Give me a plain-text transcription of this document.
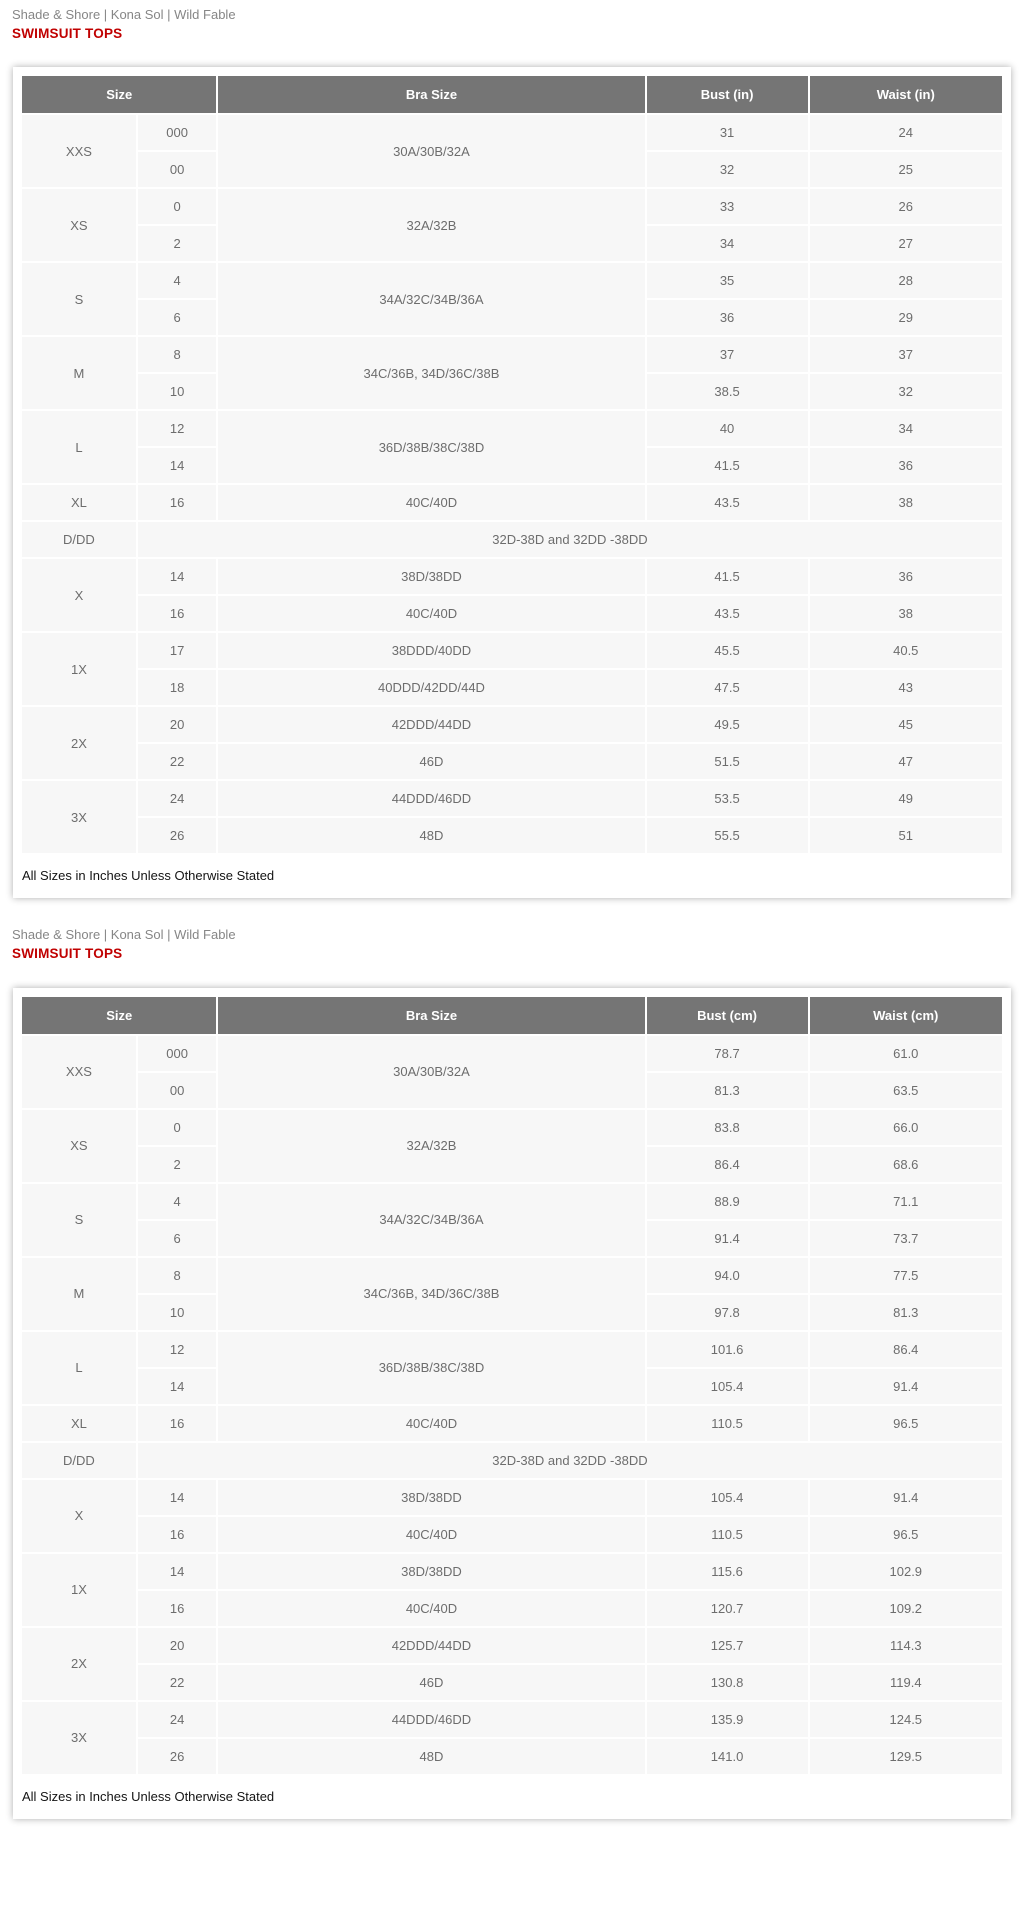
Shade & Shore | Kona Sol | Wild Fable

SWIMSUIT TOPS

Size		Bra Size	Bust (in)	Waist (in)
XXS	000	30A/30B/32A	31	24
	00		32	25
XS	0	32A/32B	33	26
	2		34	27
S	4	34A/32C/34B/36A	35	28
	6		36	29
M	8	34C/36B, 34D/36C/38B	37	37
	10		38.5	32
L	12	36D/38B/38C/38D	40	34
	14		41.5	36
XL	16	40C/40D	43.5	38
D/DD	32D-38D and 32DD -38DD			
X	14	38D/38DD	41.5	36
	16	40C/40D	43.5	38
1X	17	38DDD/40DD	45.5	40.5
	18	40DDD/42DD/44D	47.5	43
2X	20	42DDD/44DD	49.5	45
	22	46D	51.5	47
3X	24	44DDD/46DD	53.5	49
	26	48D	55.5	51
All Sizes in Inches Unless Otherwise Stated

Shade & Shore | Kona Sol | Wild Fable

SWIMSUIT TOPS

Size		Bra Size	Bust (cm)	Waist (cm)
XXS	000	30A/30B/32A	78.7	61.0
	00		81.3	63.5
XS	0	32A/32B	83.8	66.0
	2		86.4	68.6
S	4	34A/32C/34B/36A	88.9	71.1
	6		91.4	73.7
M	8	34C/36B, 34D/36C/38B	94.0	77.5
	10		97.8	81.3
L	12	36D/38B/38C/38D	101.6	86.4
	14		105.4	91.4
XL	16	40C/40D	110.5	96.5
D/DD	32D-38D and 32DD -38DD			
X	14	38D/38DD	105.4	91.4
	16	40C/40D	110.5	96.5
1X	14	38D/38DD	115.6	102.9
	16	40C/40D	120.7	109.2
2X	20	42DDD/44DD	125.7	114.3
	22	46D	130.8	119.4
3X	24	44DDD/46DD	135.9	124.5
	26	48D	141.0	129.5
All Sizes in Inches Unless Otherwise Stated
